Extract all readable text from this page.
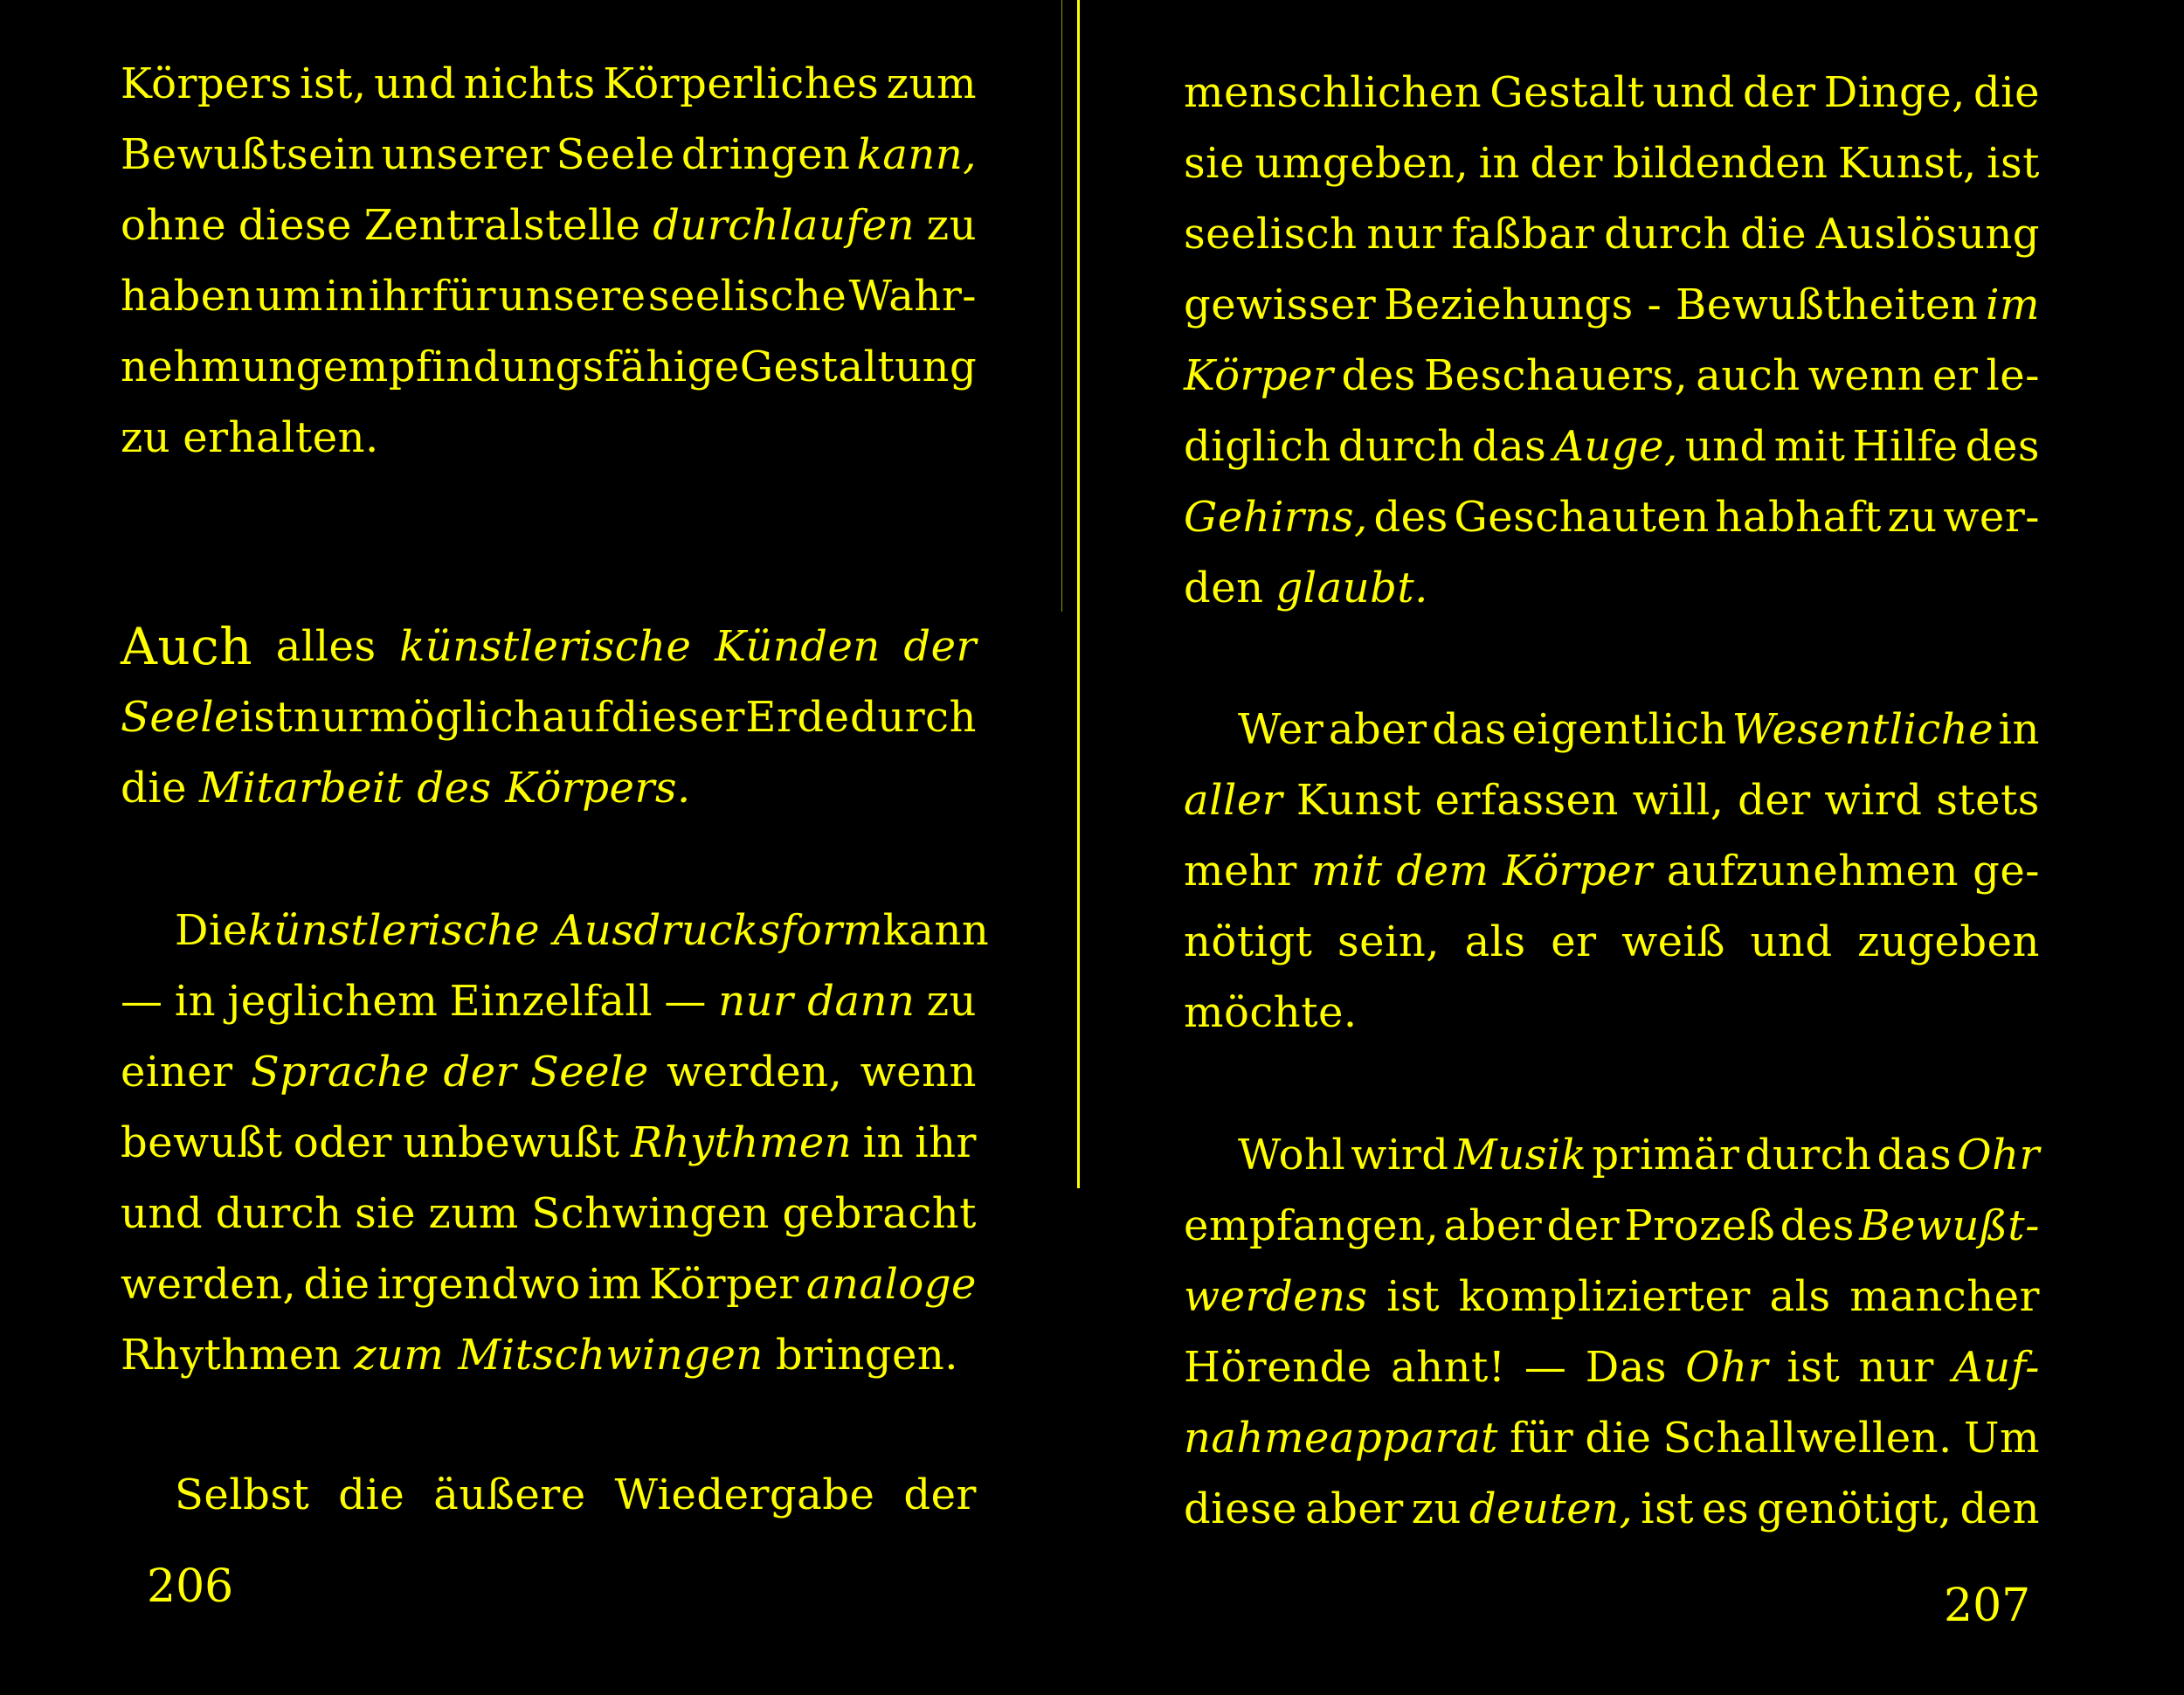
Körpers ist, und nichts Körperliches zum
Bewußtsein unserer Seele dringen kann,
ohne diese Zentralstelle durchlaufen zu
haben um in ihr für unsere seelische Wahr-
nehmung empfindungsfähige Gestaltung
zu erhalten.
Auch alles künstlerische Künden der
Seele ist nur möglich auf dieser Erde durch
die Mitarbeit des Körpers.
Die künstlerische Ausdrucksform kann
— in jeglichem Einzelfall — nur dann zu
einer Sprache der Seele werden, wenn
bewußt oder unbewußt Rhythmen in ihr
und durch sie zum Schwingen gebracht
werden, die irgendwo im Körper analoge
Rhythmen zum Mitschwingen bringen.
Selbst die äußere Wiedergabe der
206
menschlichen Gestalt und der Dinge, die
sie umgeben, in der bildenden Kunst, ist
seelisch nur faßbar durch die Auslösung
gewisser Beziehungs - Bewußtheiten im
Körper des Beschauers, auch wenn er le-
diglich durch das Auge, und mit Hilfe des
Gehirns, des Geschauten habhaft zu wer-
den glaubt.
Wer aber das eigentlich Wesentliche in
aller Kunst erfassen will, der wird stets
mehr mit dem Körper aufzunehmen ge-
nötigt sein, als er weiß und zugeben
möchte.
Wohl wird Musik primär durch das Ohr
empfangen, aber der Prozeß des Bewußt-
werdens ist komplizierter als mancher
Hörende ahnt! — Das Ohr ist nur Auf-
nahmeapparat für die Schallwellen. Um
diese aber zu deuten, ist es genötigt, den
207
